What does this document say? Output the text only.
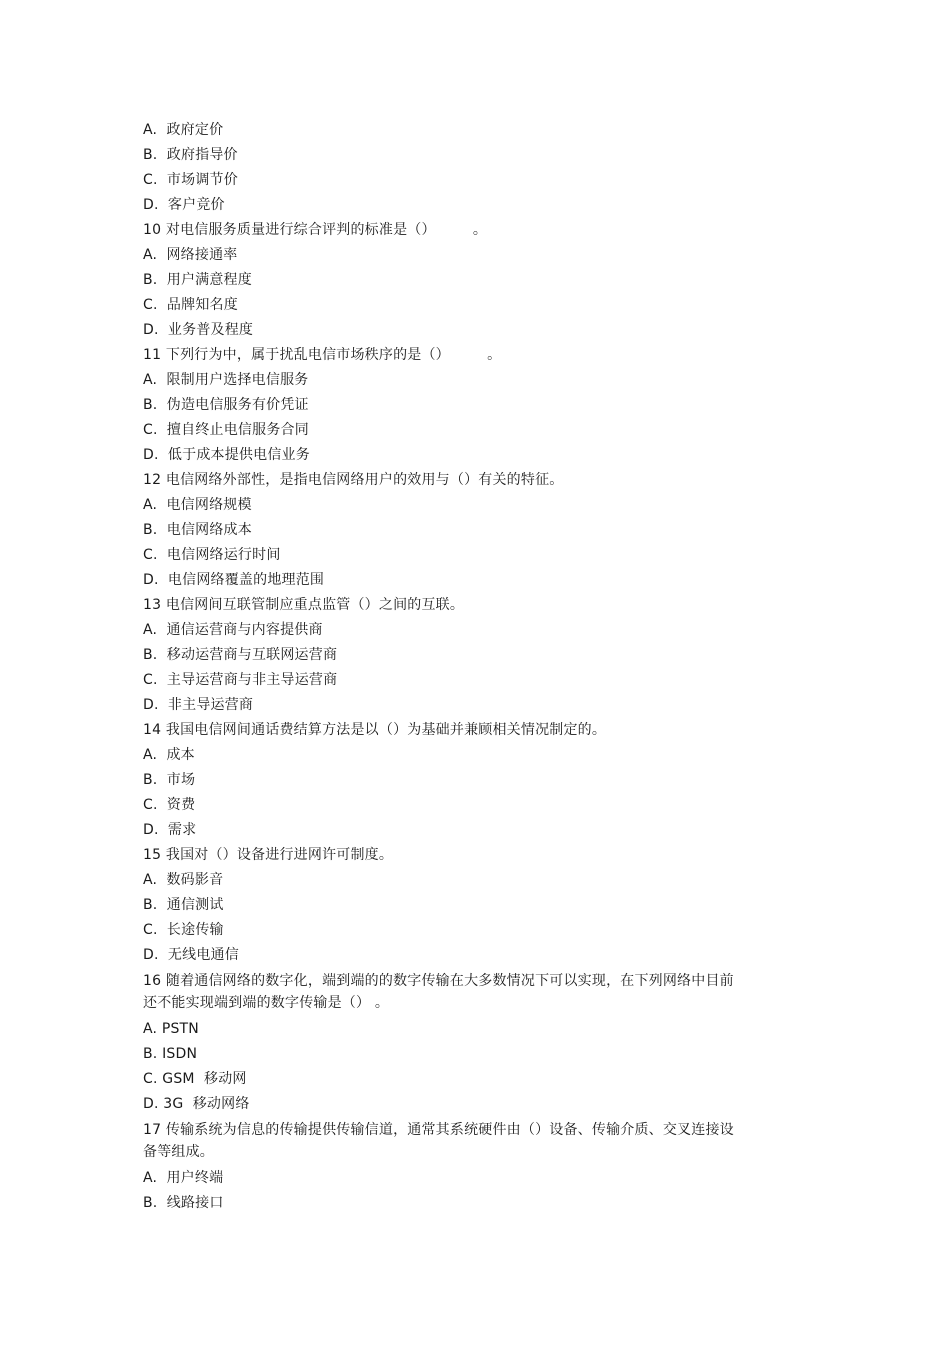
A.  政府定价
B.  政府指导价
C.  市场调节价
D.  客户竞价
10 对电信服务质量进行综合评判的标准是（）        。
A.  网络接通率
B.  用户满意程度
C.  品牌知名度
D.  业务普及程度
11 下列行为中，属于扰乱电信市场秩序的是（）        。
A.  限制用户选择电信服务
B.  伪造电信服务有价凭证
C.  擅自终止电信服务合同
D.  低于成本提供电信业务
12 电信网络外部性，是指电信网络用户的效用与（）有关的特征。
A.  电信网络规模
B.  电信网络成本
C.  电信网络运行时间
D.  电信网络覆盖的地理范围
13 电信网间互联管制应重点监管（）之间的互联。
A.  通信运营商与内容提供商
B.  移动运营商与互联网运营商
C.  主导运营商与非主导运营商
D.  非主导运营商
14 我国电信网间通话费结算方法是以（）为基础并兼顾相关情况制定的。
A.  成本
B.  市场
C.  资费
D.  需求
15 我国对（）设备进行进网许可制度。
A.  数码影音
B.  通信测试
C.  长途传输
D.  无线电通信
16 随着通信网络的数字化，端到端的的数字传输在大多数情况下可以实现，在下列网络中目前还不能实现端到端的数字传输是（） 。
A. PSTN
B. ISDN
C. GSM  移动网
D. 3G  移动网络
17 传输系统为信息的传输提供传输信道，通常其系统硬件由（）设备、传输介质、交叉连接设备等组成。
A.  用户终端
B.  线路接口
